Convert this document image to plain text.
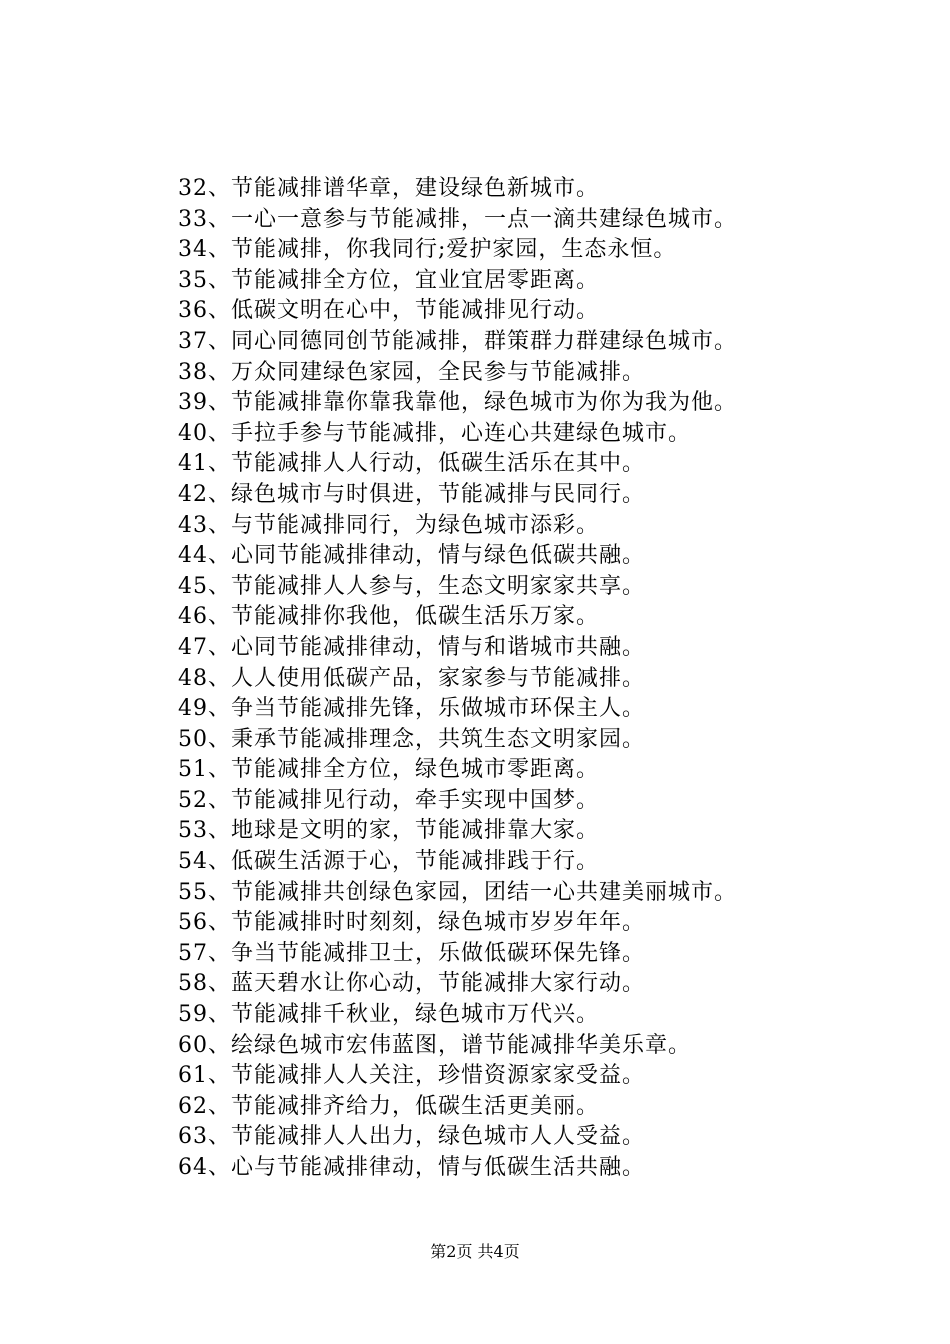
32、节能减排谱华章，建设绿色新城市。
33、一心一意参与节能减排，一点一滴共建绿色城市。
34、节能减排，你我同行;爱护家园，生态永恒。
35、节能减排全方位，宜业宜居零距离。
36、低碳文明在心中，节能减排见行动。
37、同心同德同创节能减排，群策群力群建绿色城市。
38、万众同建绿色家园，全民参与节能减排。
39、节能减排靠你靠我靠他，绿色城市为你为我为他。
40、手拉手参与节能减排，心连心共建绿色城市。
41、节能减排人人行动，低碳生活乐在其中。
42、绿色城市与时俱进，节能减排与民同行。
43、与节能减排同行，为绿色城市添彩。
44、心同节能减排律动，情与绿色低碳共融。
45、节能减排人人参与，生态文明家家共享。
46、节能减排你我他，低碳生活乐万家。
47、心同节能减排律动，情与和谐城市共融。
48、人人使用低碳产品，家家参与节能减排。
49、争当节能减排先锋，乐做城市环保主人。
50、秉承节能减排理念，共筑生态文明家园。
51、节能减排全方位，绿色城市零距离。
52、节能减排见行动，牵手实现中国梦。
53、地球是文明的家，节能减排靠大家。
54、低碳生活源于心，节能减排践于行。
55、节能减排共创绿色家园，团结一心共建美丽城市。
56、节能减排时时刻刻，绿色城市岁岁年年。
57、争当节能减排卫士，乐做低碳环保先锋。
58、蓝天碧水让你心动，节能减排大家行动。
59、节能减排千秋业，绿色城市万代兴。
60、绘绿色城市宏伟蓝图，谱节能减排华美乐章。
61、节能减排人人关注，珍惜资源家家受益。
62、节能减排齐给力，低碳生活更美丽。
63、节能减排人人出力，绿色城市人人受益。
64、心与节能减排律动，情与低碳生活共融。
第2页 共4页
